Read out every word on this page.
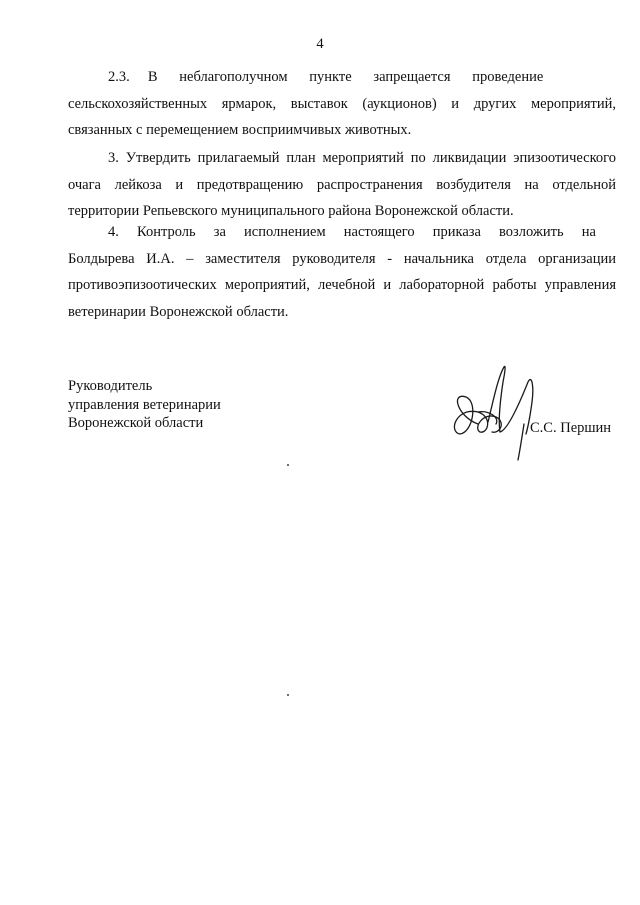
4

2.3.     В      неблагополучном      пункте      запрещается      проведение
сельскохозяйственных ярмарок, выставок (аукционов) и других мероприятий, связанных с перемещением восприимчивых животных.

3. Утвердить прилагаемый план мероприятий по ликвидации эпизоотического очага лейкоза и предотвращению распространения возбудителя на отдельной территории Репьевского муниципального района Воронежской области.

4.     Контроль     за     исполнением     настоящего     приказа     возложить     на
Болдырева И.А. – заместителя руководителя - начальника отдела организации противоэпизоотических мероприятий, лечебной и лабораторной работы управления ветеринарии Воронежской области.

Руководитель
управления ветеринарии
Воронежской области	С.С. Першин
